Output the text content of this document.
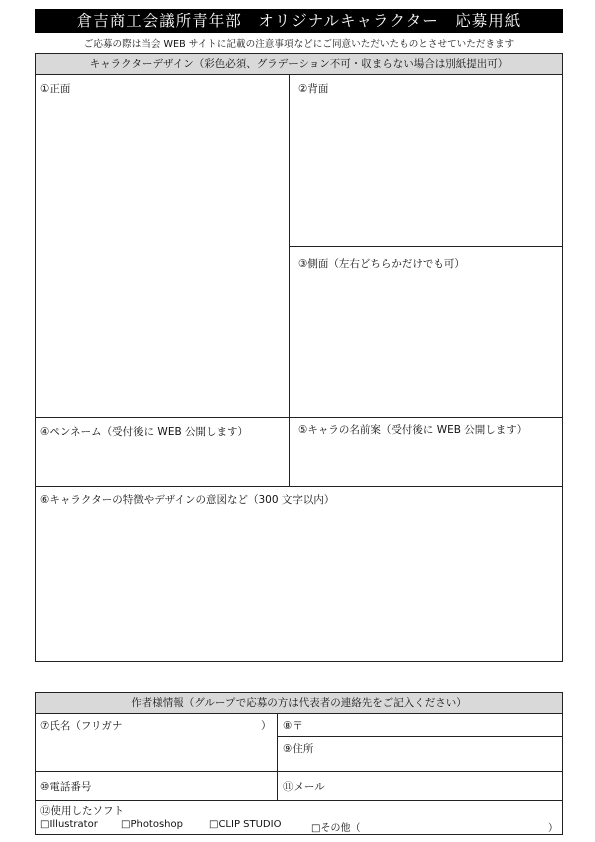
倉吉商工会議所青年部　オリジナルキャラクター　応募用紙
ご応募の際は当会 WEB サイトに記載の注意事項などにご同意いただいたものとさせていただきます
キャラクターデザイン（彩色必須、グラデーション不可・収まらない場合は別紙提出可）
①正面	②背面
③側面（左右どちらかだけでも可）
④ペンネーム（受付後に WEB 公開します）	⑤キャラの名前案（受付後に WEB 公開します）
⑥キャラクターの特徴やデザインの意図など（300 文字以内）
作者様情報（グループで応募の方は代表者の連絡先をご記入ください）
⑦氏名（フリガナ	） ⑧〒
⑨住所
⑩電話番号	⑪メール
⑫使用したソフト
□Illustrator □Photoshop	□CLIP STUDIO	□その他（	）
